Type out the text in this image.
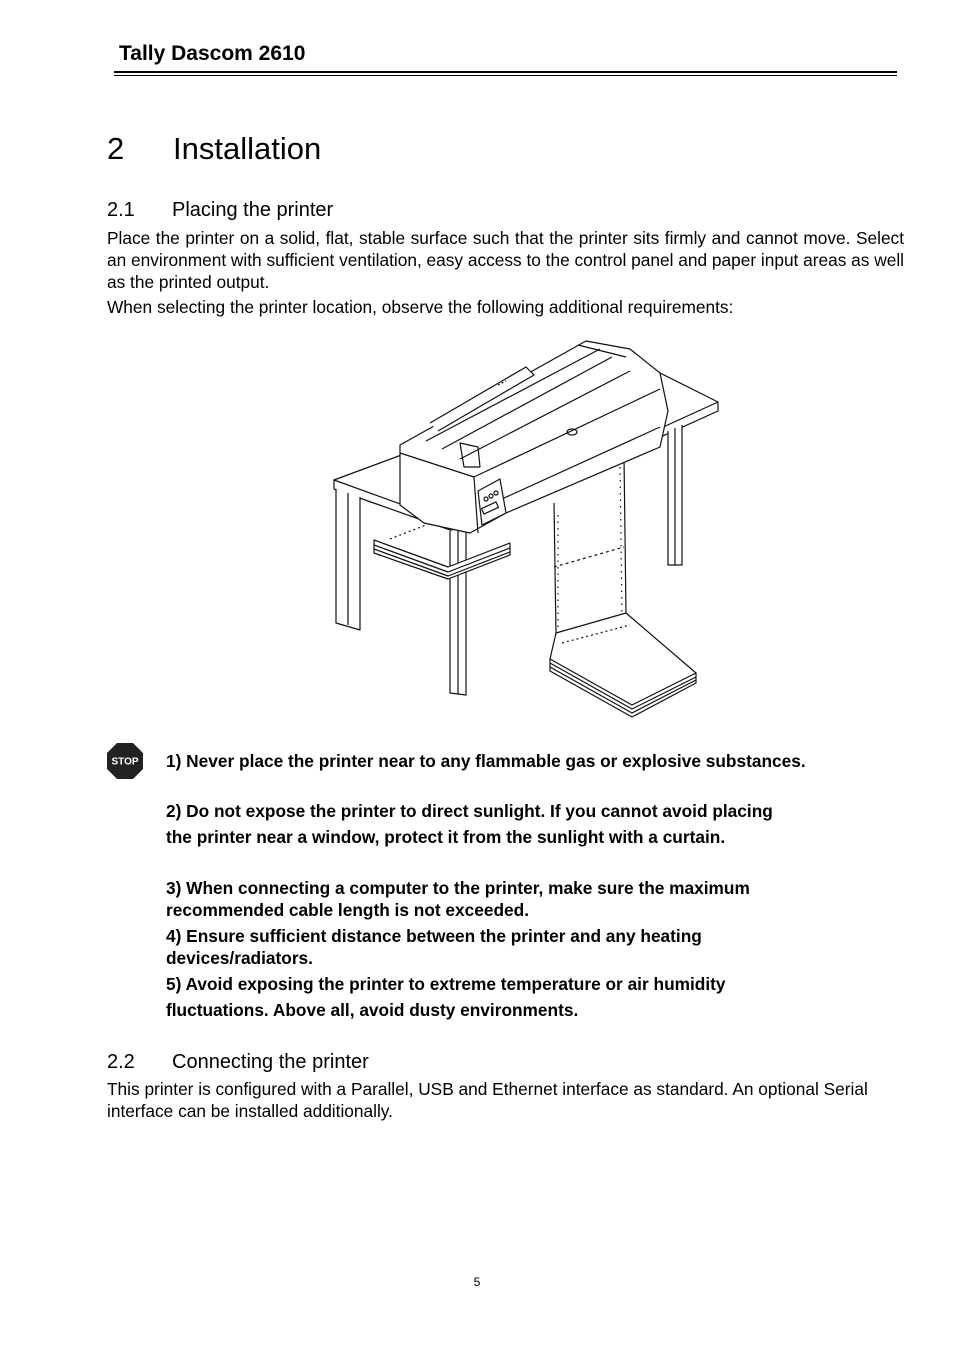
Tally Dascom 2610
2 Installation
2.1 Placing the printer
Place the printer on a solid, flat, stable surface such that the printer sits firmly and cannot move. Select an environment with sufficient ventilation, easy access to the control panel and paper input areas as well as the printed output.
When selecting the printer location, observe the following additional requirements:
STOP 1) Never place the printer near to any flammable gas or explosive substances.
2) Do not expose the printer to direct sunlight. If you cannot avoid placing the printer near a window, protect it from the sunlight with a curtain.
3) When connecting a computer to the printer, make sure the maximum recommended cable length is not exceeded.
4) Ensure sufficient distance between the printer and any heating devices/radiators.
5) Avoid exposing the printer to extreme temperature or air humidity fluctuations. Above all, avoid dusty environments.
2.2 Connecting the printer
This printer is configured with a Parallel, USB and Ethernet interface as standard. An optional Serial interface can be installed additionally.
5
